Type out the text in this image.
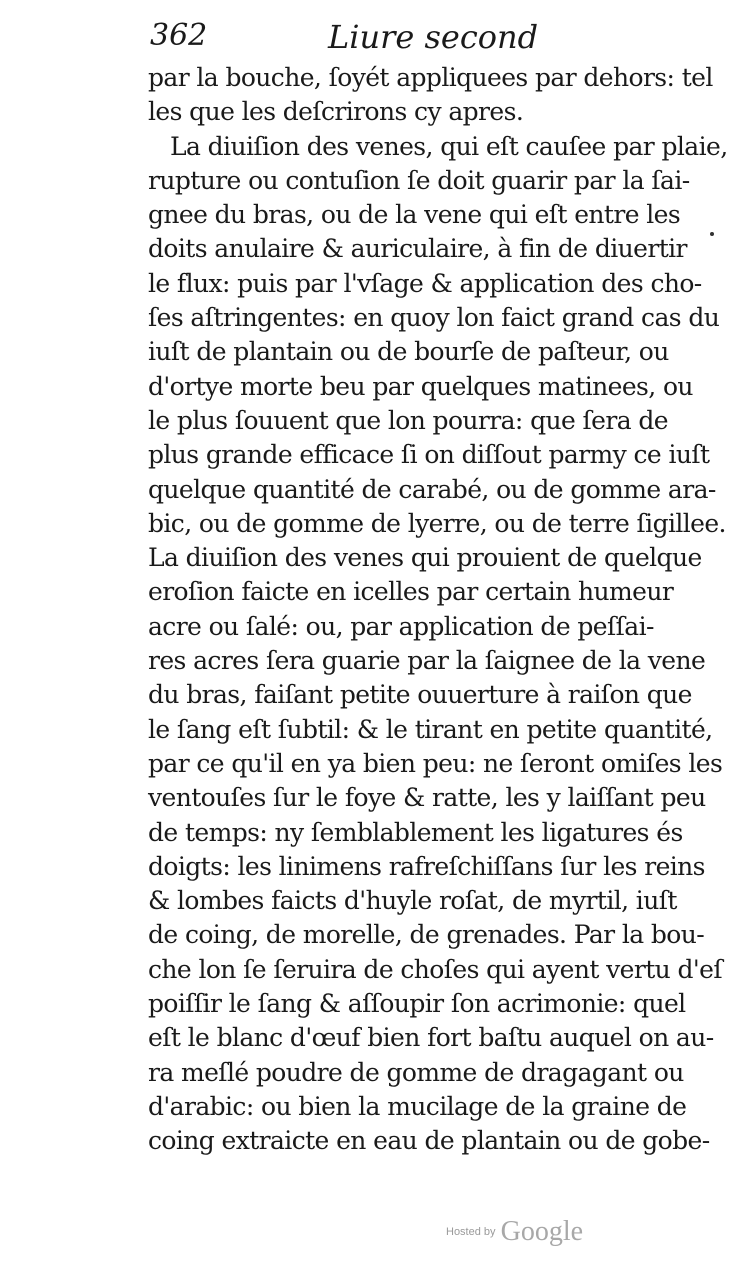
362	Liure second
par la bouche, ſoyét appliquees par dehors: tel
les que les deſcrirons cy apres.
La diuiſion des venes, qui eſt cauſee par plaie,
rupture ou contuſion ſe doit guarir par la ſai-
gnee du bras, ou de la vene qui eſt entre les
doits anulaire & auriculaire, à fin de diuertir
le flux: puis par l'vſage & application des cho-
ſes aſtringentes: en quoy lon faict grand cas du
iuſt de plantain ou de bourſe de paſteur, ou
d'ortye morte beu par quelques matinees, ou
le plus ſouuent que lon pourra: que ſera de
plus grande efficace ſi on diſſout parmy ce iuſt
quelque quantité de carabé, ou de gomme ara-
bic, ou de gomme de lyerre, ou de terre ſigillee.
La diuiſion des venes qui prouient de quelque
eroſion faicte en icelles par certain humeur
acre ou ſalé: ou, par application de peſſai-
res acres ſera guarie par la ſaignee de la vene
du bras, faiſant petite ouuerture à raiſon que
le ſang eſt ſubtil: & le tirant en petite quantité,
par ce qu'il en ya bien peu: ne ſeront omiſes les
ventouſes ſur le foye & ratte, les y laiſſant peu
de temps: ny ſemblablement les ligatures és
doigts: les linimens rafreſchiſſans ſur les reins
& lombes faicts d'huyle roſat, de myrtil, iuſt
de coing, de morelle, de grenades. Par la bou-
che lon ſe ſeruira de choſes qui ayent vertu d'eſ
poiſſir le ſang & aſſoupir ſon acrimonie: quel
eſt le blanc d'œuf bien fort baſtu auquel on au-
ra meſlé poudre de gomme de dragagant ou
d'arabic: ou bien la mucilage de la graine de
coing extraicte en eau de plantain ou de gobe-
Hosted by Google
